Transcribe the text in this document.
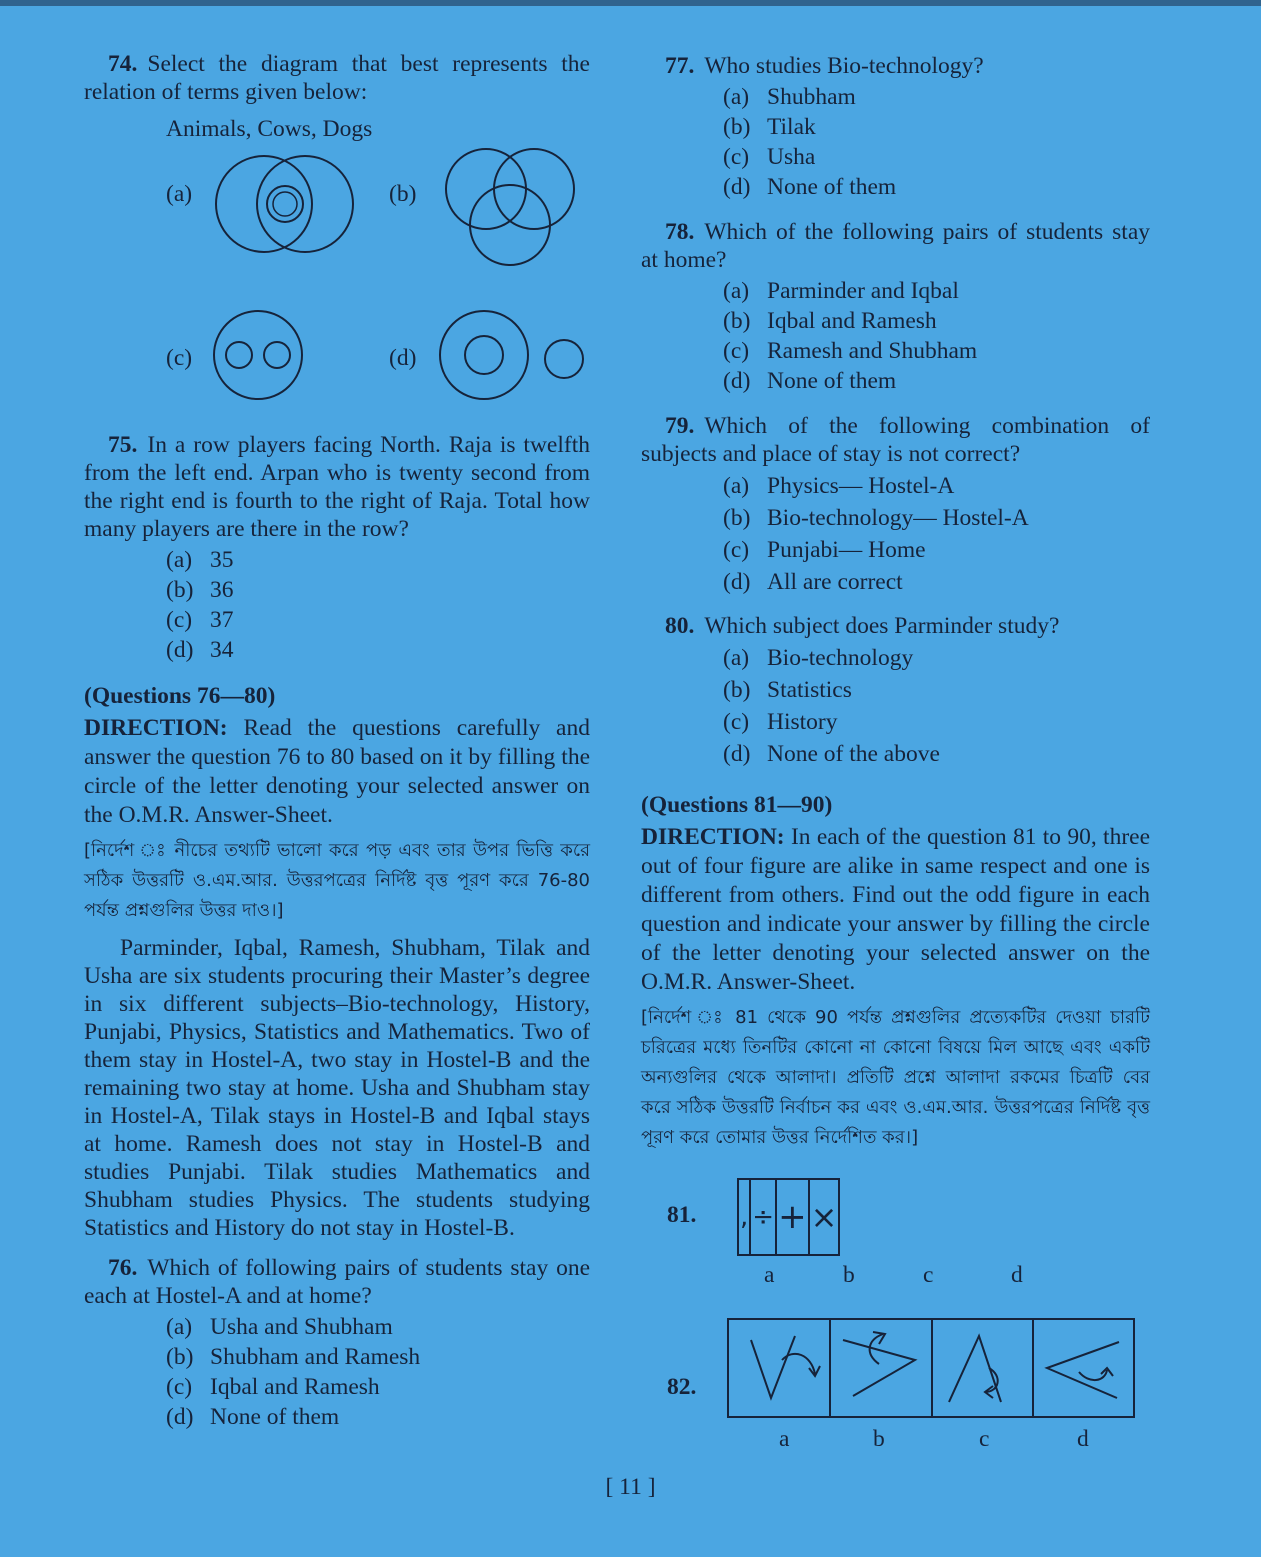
74. Select the diagram that best represents the relation of terms given below:

Animals, Cows, Dogs
(a)	(b)
(c)	(d)

75. In a row players facing North. Raja is twelfth from the left end. Arpan who is twenty second from the right end is fourth to the right of Raja. Total how many players are there in the row?

(a) 35
(b) 36
(c) 37
(d) 34

(Questions 76—80)

DIRECTION: Read the questions carefully and answer the question 76 to 80 based on it by filling the circle of the letter denoting your selected answer on the O.M.R. Answer-Sheet.

[নির্দেশ ঃ নীচের তথ্যটি ভালো করে পড় এবং তার উপর ভিত্তি করে সঠিক উত্তরটি ও.এম.আর. উত্তরপত্রের নির্দিষ্ট বৃত্ত পূরণ করে 76-80 পর্যন্ত প্রশ্নগুলির উত্তর দাও।]

Parminder, Iqbal, Ramesh, Shubham, Tilak and Usha are six students procuring their Master’s degree in six different subjects–Bio-technology, History, Punjabi, Physics, Statistics and Mathematics. Two of them stay in Hostel-A, two stay in Hostel-B and the remaining two stay at home. Usha and Shubham stay in Hostel-A, Tilak stays in Hostel-B and Iqbal stays at home. Ramesh does not stay in Hostel-B and studies Punjabi. Tilak studies Mathematics and Shubham studies Physics. The students studying Statistics and History do not stay in Hostel-B.

76. Which of following pairs of students stay one each at Hostel-A and at home?

(a) Usha and Shubham
(b) Shubham and Ramesh
(c) Iqbal and Ramesh
(d) None of them

77. Who studies Bio-technology?

(a) Shubham
(b) Tilak
(c) Usha
(d) None of them

78. Which of the following pairs of students stay at home?

(a) Parminder and Iqbal
(b) Iqbal and Ramesh
(c) Ramesh and Shubham
(d) None of them

79. Which of the following combination of subjects and place of stay is not correct?

(a) Physics— Hostel-A
(b) Bio-technology— Hostel-A
(c) Punjabi— Home
(d) All are correct

80. Which subject does Parminder study?

(a) Bio-technology
(b) Statistics
(c) History
(d) None of the above

(Questions 81—90)

DIRECTION: In each of the question 81 to 90, three out of four figure are alike in same respect and one is different from others. Find out the odd figure in each question and indicate your answer by filling the circle of the letter denoting your selected answer on the O.M.R. Answer-Sheet.

[নির্দেশ ঃ 81 থেকে 90 পর্যন্ত প্রশ্নগুলির প্রত্যেকটির দেওয়া চারটি চরিত্রের মধ্যে তিনটির কোনো না কোনো বিষয়ে মিল আছে এবং একটি অন্যগুলির থেকে আলাদা। প্রতিটি প্রশ্নে আলাদা রকমের চিত্রটি বের করে সঠিক উত্তরটি নির্বাচন কর এবং ও.এম.আর. উত্তরপত্রের নির্দিষ্ট বৃত্ত পূরণ করে তোমার উত্তর নির্দেশিত কর।]

81. ,	÷	+	×
a	b	c	d
82.
a	b	c	d
[ 11 ]
